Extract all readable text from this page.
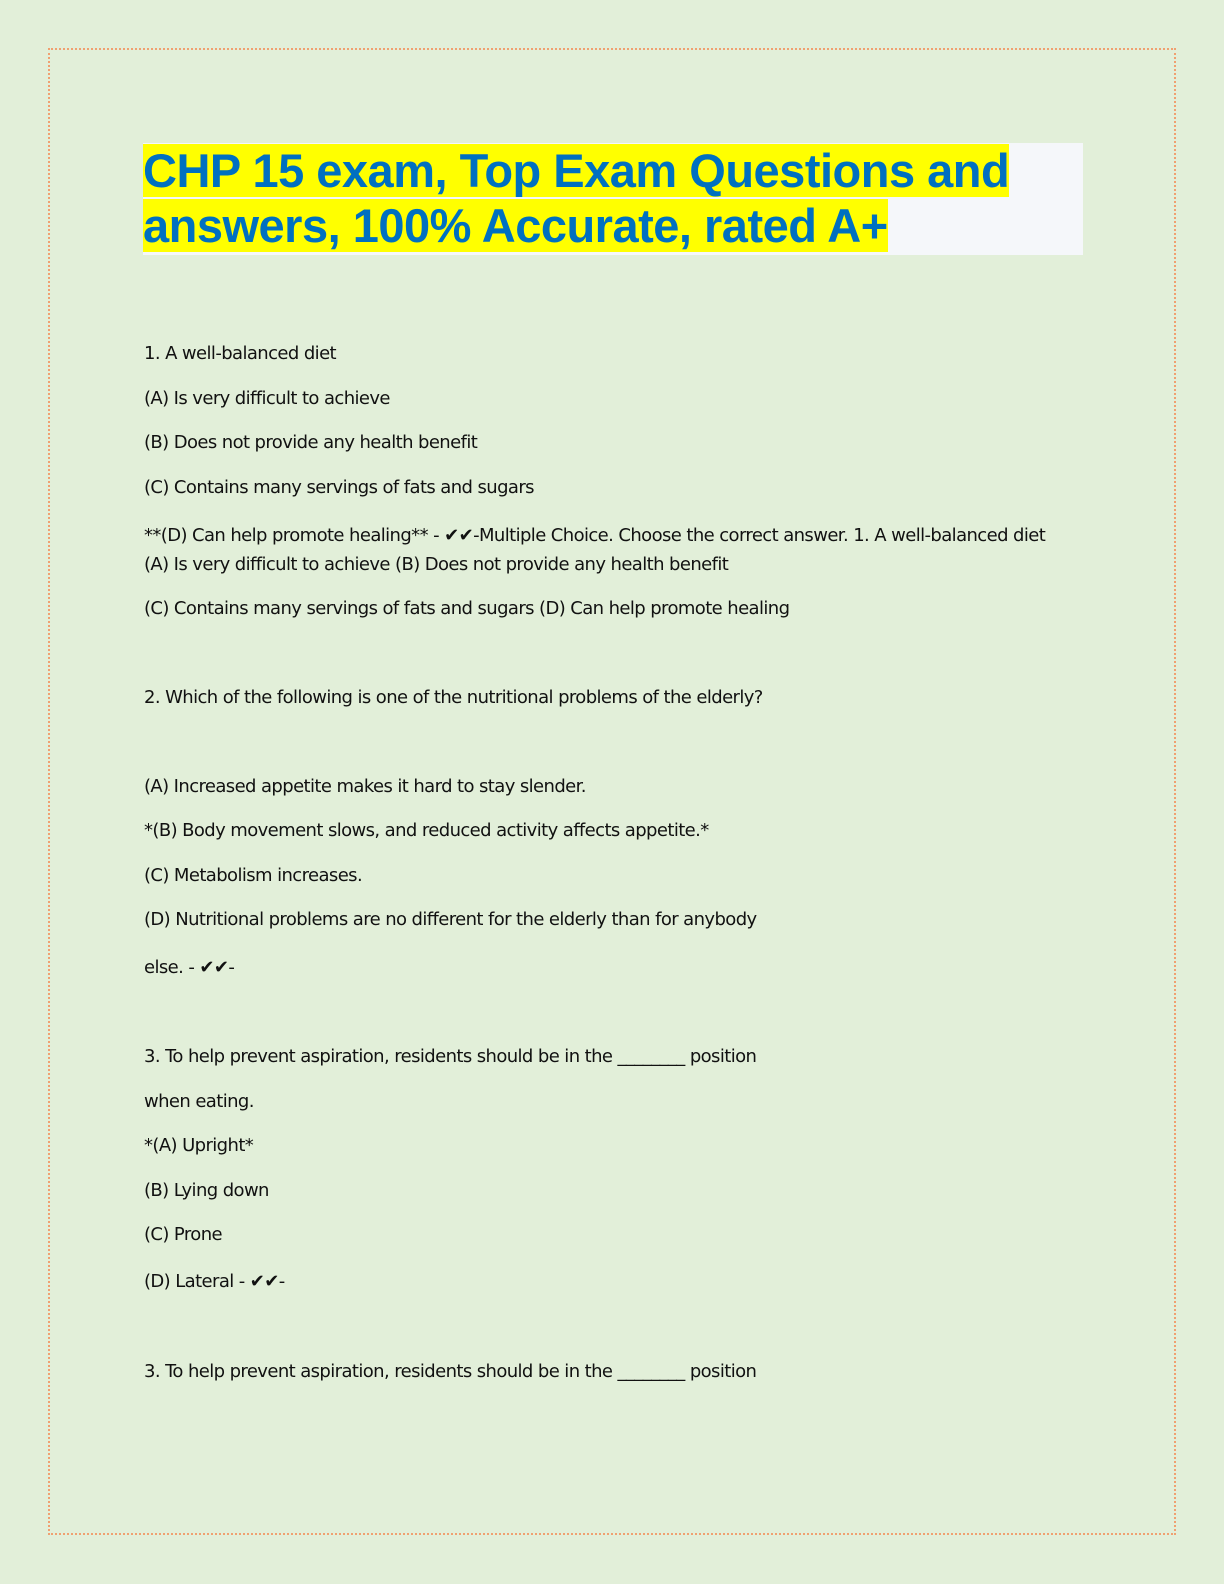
CHP 15 exam, Top Exam Questions and
answers, 100% Accurate, rated A+

1. A well-balanced diet

(A) Is very difficult to achieve

(B) Does not provide any health benefit

(C) Contains many servings of fats and sugars

**(D) Can help promote healing** - ✔✔-Multiple Choice. Choose the correct answer. 1. A well-balanced diet (A) Is very difficult to achieve (B) Does not provide any health benefit

(C) Contains many servings of fats and sugars (D) Can help promote healing

2. Which of the following is one of the nutritional problems of the elderly?

(A) Increased appetite makes it hard to stay slender.

*(B) Body movement slows, and reduced activity affects appetite.*

(C) Metabolism increases.

(D) Nutritional problems are no different for the elderly than for anybody

else. - ✔✔-

3. To help prevent aspiration, residents should be in the ________ position

when eating.

*(A) Upright*

(B) Lying down

(C) Prone

(D) Lateral - ✔✔-

3. To help prevent aspiration, residents should be in the ________ position
